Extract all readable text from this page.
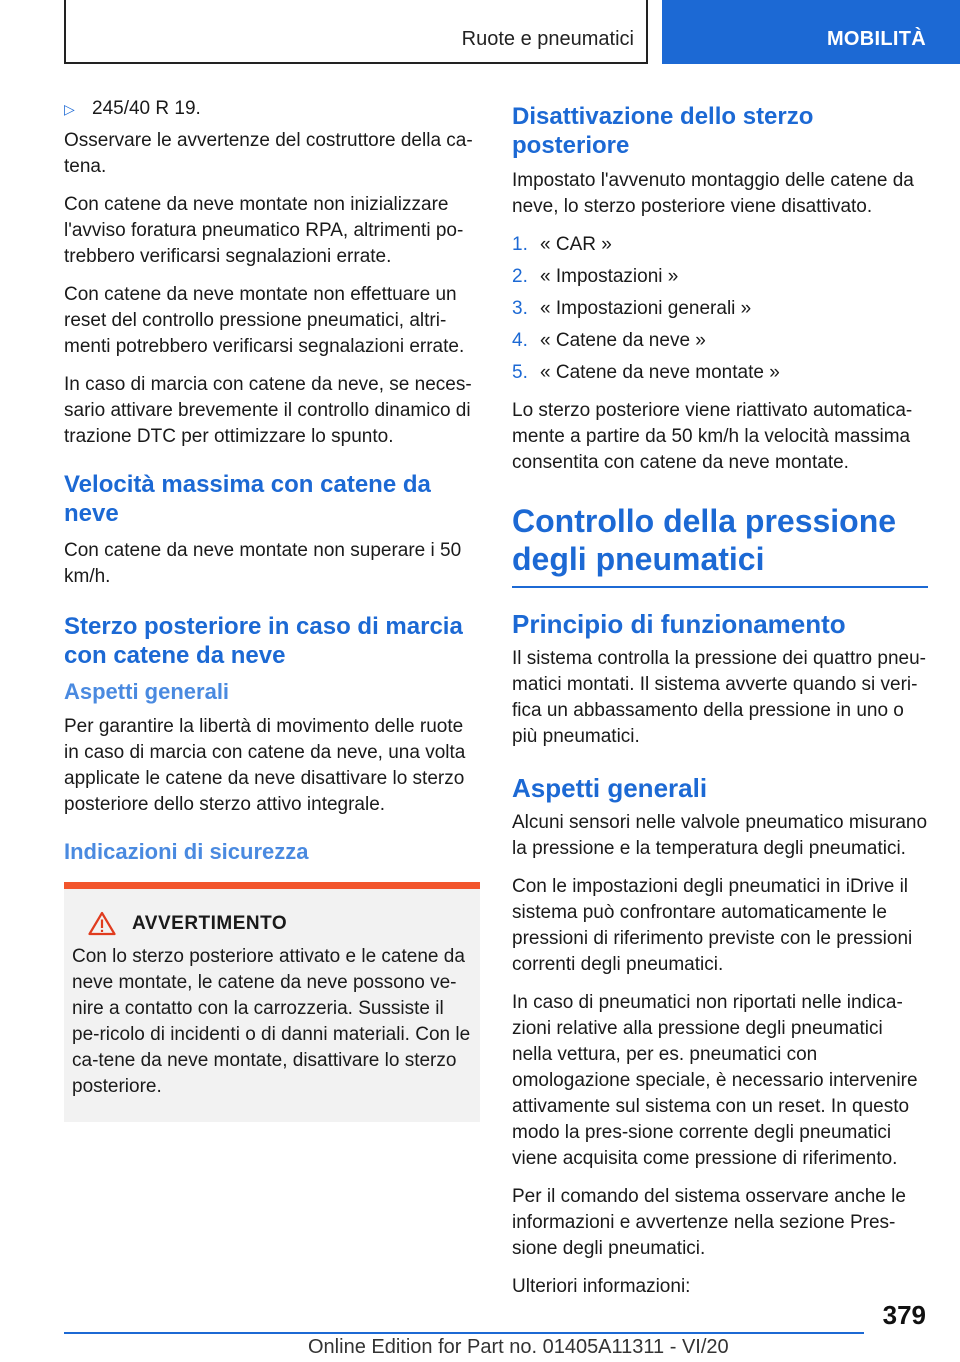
Ruote e pneumatici	MOBILITÀ
▷ 245/40 R 19.

Osservare le avvertenze del costruttore della ca-tena.

Con catene da neve montate non inizializzare l'avviso foratura pneumatico RPA, altrimenti po-trebbero verificarsi segnalazioni errate.

Con catene da neve montate non effettuare un reset del controllo pressione pneumatici, altri-menti potrebbero verificarsi segnalazioni errate.

In caso di marcia con catene da neve, se neces-sario attivare brevemente il controllo dinamico di trazione DTC per ottimizzare lo spunto.

Velocità massima con catene da neve

Con catene da neve montate non superare i 50 km/h.

Sterzo posteriore in caso di marcia con catene da neve
Aspetti generali

Per garantire la libertà di movimento delle ruote in caso di marcia con catene da neve, una volta applicate le catene da neve disattivare lo sterzo posteriore dello sterzo attivo integrale.

Indicazioni di sicurezza
AVVERTIMENTO

Con lo sterzo posteriore attivato e le catene da neve montate, le catene da neve possono ve-nire a contatto con la carrozzeria. Sussiste il pe-ricolo di incidenti o di danni materiali. Con le ca-tene da neve montate, disattivare lo sterzo posteriore.

Disattivazione dello sterzo posteriore

Impostato l'avvenuto montaggio delle catene da neve, lo sterzo posteriore viene disattivato.

1. « CAR »
2. « Impostazioni »
3. « Impostazioni generali »
4. « Catene da neve »
5. « Catene da neve montate »

Lo sterzo posteriore viene riattivato automatica-mente a partire da 50 km/h la velocità massima consentita con catene da neve montate.

Controllo della pressione degli pneumatici
Principio di funzionamento

Il sistema controlla la pressione dei quattro pneu-matici montati. Il sistema avverte quando si veri-fica un abbassamento della pressione in uno o più pneumatici.

Aspetti generali

Alcuni sensori nelle valvole pneumatico misurano la pressione e la temperatura degli pneumatici.

Con le impostazioni degli pneumatici in iDrive il sistema può confrontare automaticamente le pressioni di riferimento previste con le pressioni correnti degli pneumatici.

In caso di pneumatici non riportati nelle indica-zioni relative alla pressione degli pneumatici nella vettura, per es. pneumatici con omologazione speciale, è necessario intervenire attivamente sul sistema con un reset. In questo modo la pres-sione corrente degli pneumatici viene acquisita come pressione di riferimento.

Per il comando del sistema osservare anche le informazioni e avvertenze nella sezione Pres-sione degli pneumatici.

Ulteriori informazioni:

379
Online Edition for Part no. 01405A11311 - VI/20
